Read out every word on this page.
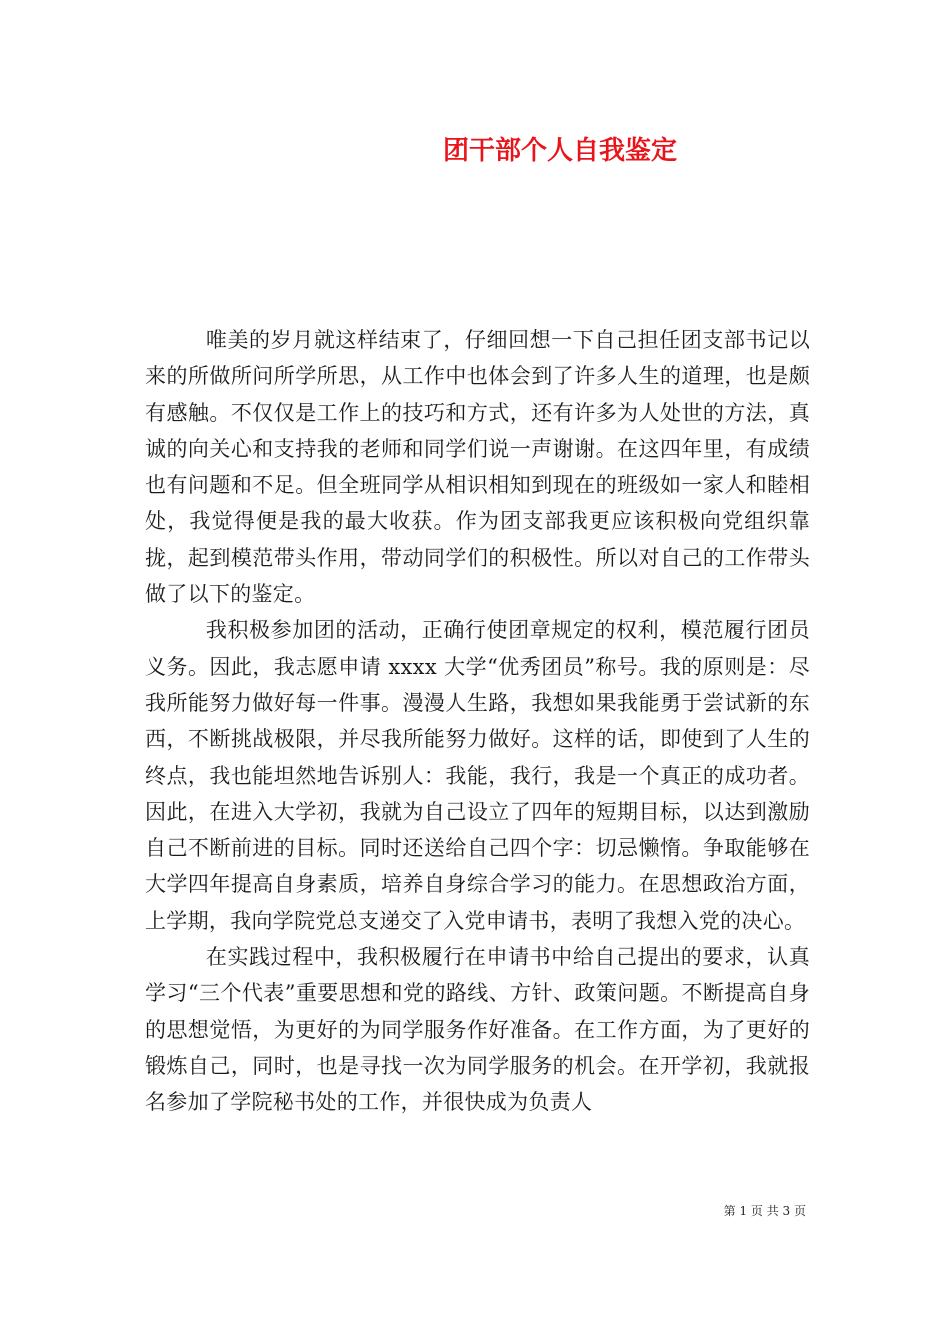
团干部个人自我鉴定

唯美的岁月就这样结束了，仔细回想一下自己担任团支部书记以来的所做所问所学所思，从工作中也体会到了许多人生的道理，也是颇有感触。不仅仅是工作上的技巧和方式，还有许多为人处世的方法，真诚的向关心和支持我的老师和同学们说一声谢谢。在这四年里，有成绩也有问题和不足。但全班同学从相识相知到现在的班级如一家人和睦相处，我觉得便是我的最大收获。作为团支部我更应该积极向党组织靠拢，起到模范带头作用，带动同学们的积极性。所以对自己的工作带头做了以下的鉴定。

我积极参加团的活动，正确行使团章规定的权利，模范履行团员义务。因此，我志愿申请 xxxx 大学“优秀团员”称号。我的原则是：尽我所能努力做好每一件事。漫漫人生路，我想如果我能勇于尝试新的东西，不断挑战极限，并尽我所能努力做好。这样的话，即使到了人生的终点，我也能坦然地告诉别人：我能，我行，我是一个真正的成功者。因此，在进入大学初，我就为自己设立了四年的短期目标，以达到激励自己不断前进的目标。同时还送给自己四个字：切忌懒惰。争取能够在大学四年提高自身素质，培养自身综合学习的能力。在思想政治方面，上学期，我向学院党总支递交了入党申请书，表明了我想入党的决心。

在实践过程中，我积极履行在申请书中给自己提出的要求，认真学习“三个代表”重要思想和党的路线、方针、政策问题。不断提高自身的思想觉悟，为更好的为同学服务作好准备。在工作方面，为了更好的锻炼自己，同时，也是寻找一次为同学服务的机会。在开学初，我就报名参加了学院秘书处的工作，并很快成为负责人

第 1 页 共 3 页
